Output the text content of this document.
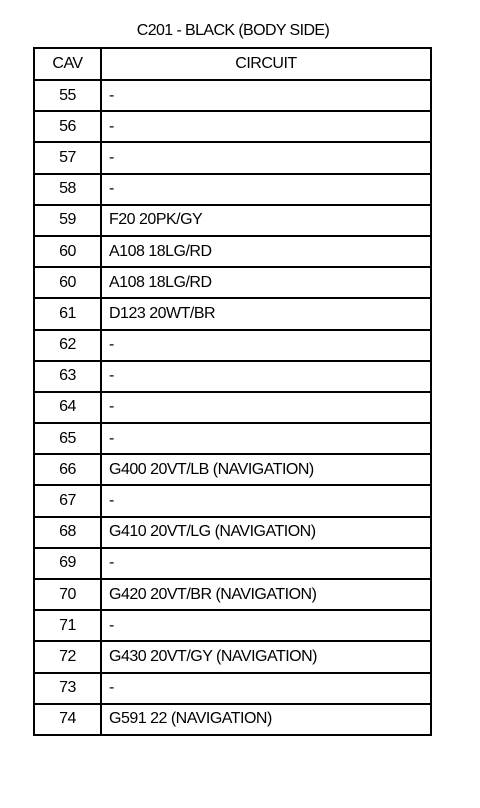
C201 - BLACK (BODY SIDE)
CAV	CIRCUIT
55	-
56	-
57	-
58	-
59	F20 20PK/GY
60	A108 18LG/RD
60	A108 18LG/RD
61	D123 20WT/BR
62	-
63	-
64	-
65	-
66	G400 20VT/LB (NAVIGATION)
67	-
68	G410 20VT/LG (NAVIGATION)
69	-
70	G420 20VT/BR (NAVIGATION)
71	-
72	G430 20VT/GY (NAVIGATION)
73	-
74	G591 22 (NAVIGATION)
